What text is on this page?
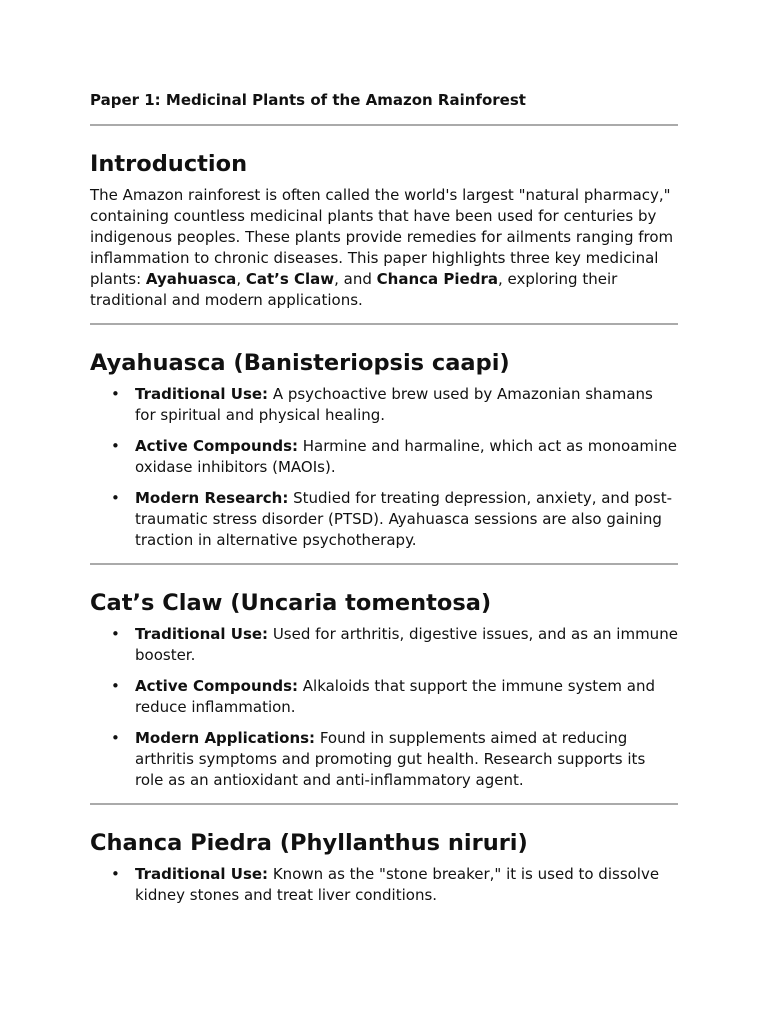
Paper 1: Medicinal Plants of the Amazon Rainforest
Introduction

The Amazon rainforest is often called the world's largest "natural pharmacy," containing countless medicinal plants that have been used for centuries by indigenous peoples. These plants provide remedies for ailments ranging from inflammation to chronic diseases. This paper highlights three key medicinal plants: Ayahuasca, Cat’s Claw, and Chanca Piedra, exploring their traditional and modern applications.

Ayahuasca (Banisteriopsis caapi)
• Traditional Use: A psychoactive brew used by Amazonian shamans for spiritual and physical healing.
• Active Compounds: Harmine and harmaline, which act as monoamine oxidase inhibitors (MAOIs).
• Modern Research: Studied for treating depression, anxiety, and post-traumatic stress disorder (PTSD). Ayahuasca sessions are also gaining traction in alternative psychotherapy.
Cat’s Claw (Uncaria tomentosa)
• Traditional Use: Used for arthritis, digestive issues, and as an immune booster.
• Active Compounds: Alkaloids that support the immune system and reduce inflammation.
• Modern Applications: Found in supplements aimed at reducing arthritis symptoms and promoting gut health. Research supports its role as an antioxidant and anti-inflammatory agent.
Chanca Piedra (Phyllanthus niruri)
• Traditional Use: Known as the "stone breaker," it is used to dissolve kidney stones and treat liver conditions.
